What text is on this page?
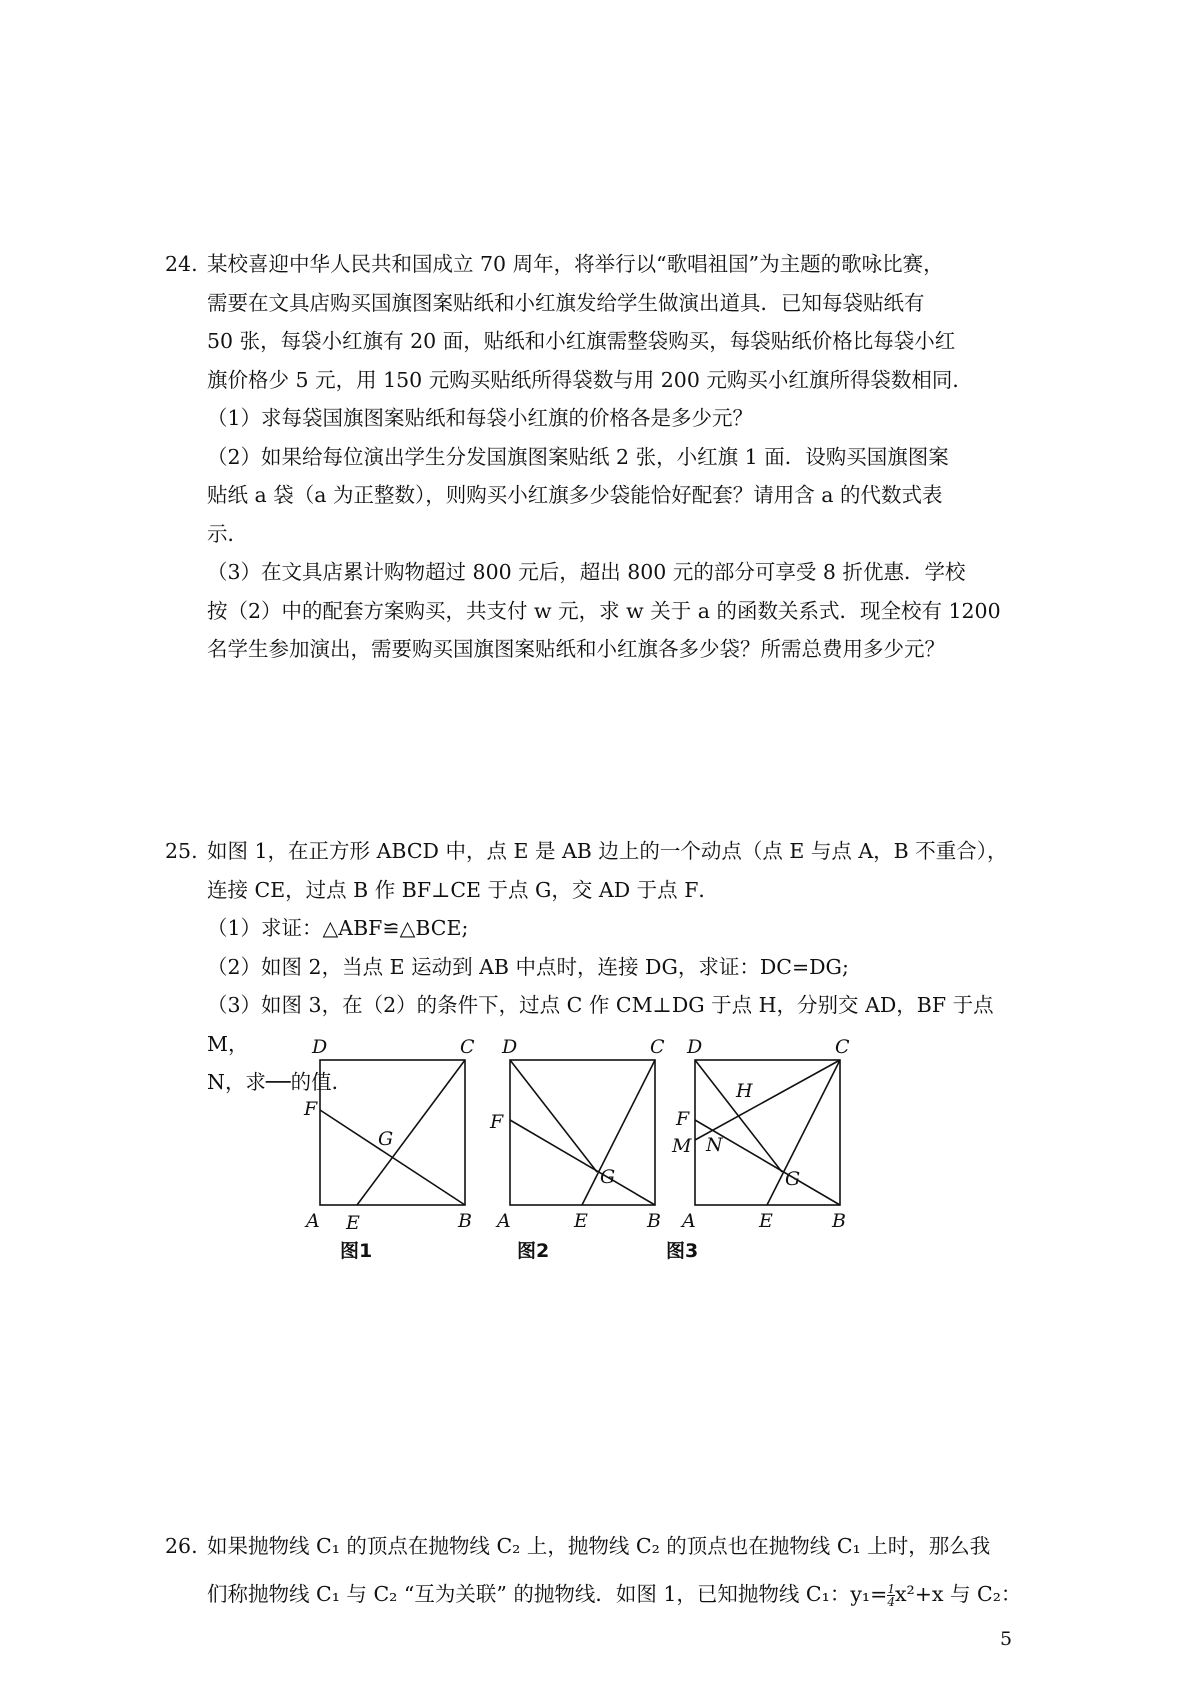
24. 某校喜迎中华人民共和国成立 70 周年，将举行以“歌唱祖国”为主题的歌咏比赛，

需要在文具店购买国旗图案贴纸和小红旗发给学生做演出道具．已知每袋贴纸有

50 张，每袋小红旗有 20 面，贴纸和小红旗需整袋购买，每袋贴纸价格比每袋小红

旗价格少 5 元，用 150 元购买贴纸所得袋数与用 200 元购买小红旗所得袋数相同．

（1）求每袋国旗图案贴纸和每袋小红旗的价格各是多少元？

（2）如果给每位演出学生分发国旗图案贴纸 2 张，小红旗 1 面．设购买国旗图案

贴纸 a 袋（a 为正整数），则购买小红旗多少袋能恰好配套？请用含 a 的代数式表

示．

（3）在文具店累计购物超过 800 元后，超出 800 元的部分可享受 8 折优惠．学校

按（2）中的配套方案购买，共支付 w 元，求 w 关于 a 的函数关系式．现全校有 1200

名学生参加演出，需要购买国旗图案贴纸和小红旗各多少袋？所需总费用多少元？

25. 如图 1，在正方形 ABCD 中，点 E 是 AB 边上的一个动点（点 E 与点 A，B 不重合），

连接 CE，过点 B 作 BF⊥CE 于点 G，交 AD 于点 F．

（1）求证：△ABF≌△BCE;

（2）如图 2，当点 E 运动到 AB 中点时，连接 DG，求证：DC=DG;

（3）如图 3，在（2）的条件下，过点 C 作 CM⊥DG 于点 H，分别交 AD，BF 于点 M，

N，求──的值．

D	C
F
G
A E	B
D	C
F
G
A	E	B
D	C
H
F
M N
G
A	E	B
图1	图2	图3
26. 如果抛物线 C₁ 的顶点在抛物线 C₂ 上，抛物线 C₂ 的顶点也在抛物线 C₁ 上时，那么我

们称抛物线 C₁ 与 C₂ “互为关联” 的抛物线．如图 1，已知抛物线 C₁：$y_1= \frac{1}{4} x^2+x$ 与 C₂：

5
